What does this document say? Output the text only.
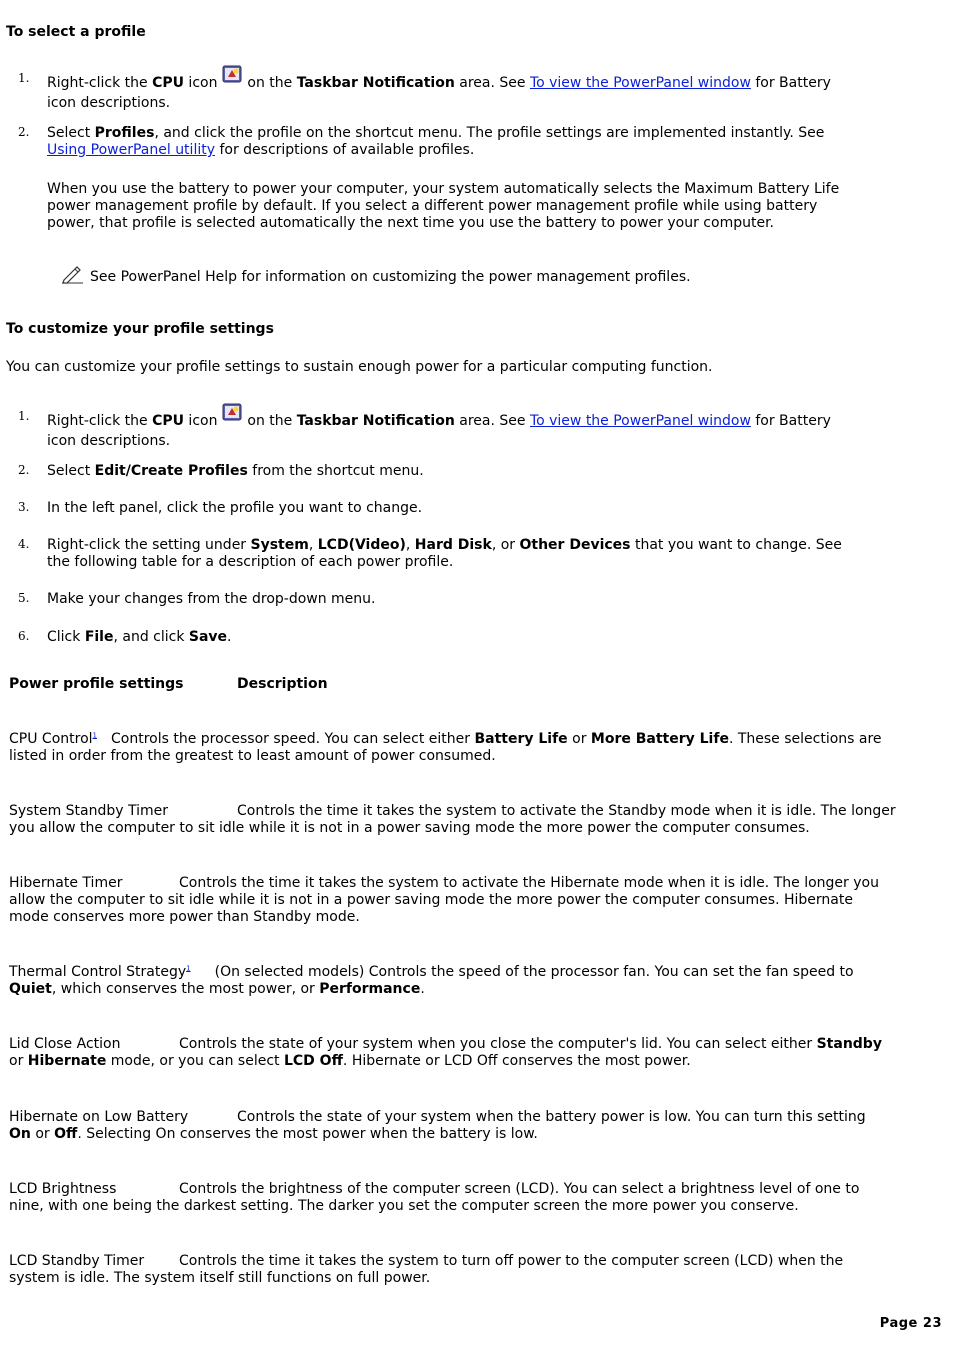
To select a profile
1. Right-click the CPU icon  on the Taskbar Notification area. See To view the PowerPanel window for Battery
icon descriptions.
2. Select Profiles, and click the profile on the shortcut menu. The profile settings are implemented instantly. See
Using PowerPanel utility for descriptions of available profiles.
When you use the battery to power your computer, your system automatically selects the Maximum Battery Life
power management profile by default. If you select a different power management profile while using battery
power, that profile is selected automatically the next time you use the battery to power your computer.
See PowerPanel Help for information on customizing the power management profiles.
To customize your profile settings
You can customize your profile settings to sustain enough power for a particular computing function.
1. Right-click the CPU icon  on the Taskbar Notification area. See To view the PowerPanel window for Battery
icon descriptions.
2. Select Edit/Create Profiles from the shortcut menu.
3. In the left panel, click the profile you want to change.
4. Right-click the setting under System, LCD(Video), Hard Disk, or Other Devices that you want to change. See
the following table for a description of each power profile.
5. Make your changes from the drop-down menu.
6. Click File, and click Save.
Power profile settings	Description
CPU Control$^1$ Controls the processor speed. You can select either Battery Life or More Battery Life. These selections are
listed in order from the greatest to least amount of power consumed.
System Standby Timer	Controls the time it takes the system to activate the Standby mode when it is idle. The longer
you allow the computer to sit idle while it is not in a power saving mode the more power the computer consumes.
Hibernate Timer	Controls the time it takes the system to activate the Hibernate mode when it is idle. The longer you
allow the computer to sit idle while it is not in a power saving mode the more power the computer consumes. Hibernate
mode conserves more power than Standby mode.
Thermal Control Strategy$^1$ (On selected models) Controls the speed of the processor fan. You can set the fan speed to
Quiet, which conserves the most power, or Performance.
Lid Close Action	Controls the state of your system when you close the computer's lid. You can select either Standby
or Hibernate mode, or you can select LCD Off. Hibernate or LCD Off conserves the most power.
Hibernate on Low Battery	Controls the state of your system when the battery power is low. You can turn this setting
On or Off. Selecting On conserves the most power when the battery is low.
LCD Brightness	Controls the brightness of the computer screen (LCD). You can select a brightness level of one to
nine, with one being the darkest setting. The darker you set the computer screen the more power you conserve.
LCD Standby Timer Controls the time it takes the system to turn off power to the computer screen (LCD) when the
system is idle. The system itself still functions on full power.
Page 23
